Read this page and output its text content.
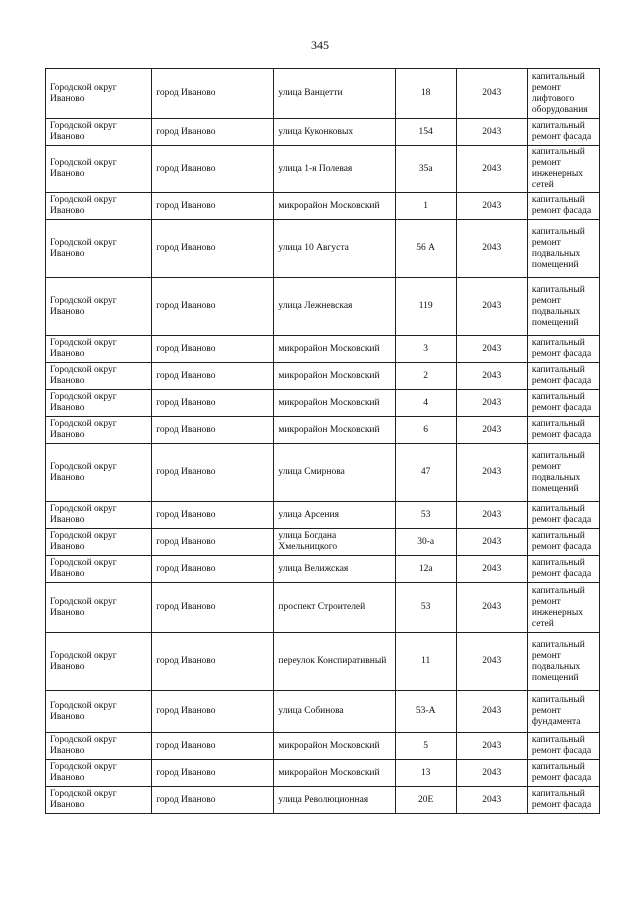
345
Городской округ Иваново	город Иваново	улица Ванцетти	18	2043	капитальный ремонт лифтового оборудования
Городской округ Иваново	город Иваново	улица Куконковых	154	2043	капитальный ремонт фасада
Городской округ Иваново	город Иваново	улица 1-я Полевая	35а	2043	капитальный ремонт инженерных сетей
Городской округ Иваново	город Иваново	микрорайон Московский	1	2043	капитальный ремонт фасада
Городской округ Иваново	город Иваново	улица 10 Августа	56 А	2043	капитальный ремонт подвальных помещений
Городской округ Иваново	город Иваново	улица Лежневская	119	2043	капитальный ремонт подвальных помещений
Городской округ Иваново	город Иваново	микрорайон Московский	3	2043	капитальный ремонт фасада
Городской округ Иваново	город Иваново	микрорайон Московский	2	2043	капитальный ремонт фасада
Городской округ Иваново	город Иваново	микрорайон Московский	4	2043	капитальный ремонт фасада
Городской округ Иваново	город Иваново	микрорайон Московский	6	2043	капитальный ремонт фасада
Городской округ Иваново	город Иваново	улица Смирнова	47	2043	капитальный ремонт подвальных помещений
Городской округ Иваново	город Иваново	улица Арсения	53	2043	капитальный ремонт фасада
Городской округ Иваново	город Иваново	улица Богдана Хмельницкого	30-а	2043	капитальный ремонт фасада
Городской округ Иваново	город Иваново	улица Велижская	12а	2043	капитальный ремонт фасада
Городской округ Иваново	город Иваново	проспект Строителей	53	2043	капитальный ремонт инженерных сетей
Городской округ Иваново	город Иваново	переулок Конспиративный	11	2043	капитальный ремонт подвальных помещений
Городской округ Иваново	город Иваново	улица Собинова	53-А	2043	капитальный ремонт фундамента
Городской округ Иваново	город Иваново	микрорайон Московский	5	2043	капитальный ремонт фасада
Городской округ Иваново	город Иваново	микрорайон Московский	13	2043	капитальный ремонт фасада
Городской округ Иваново	город Иваново	улица Революционная	20Е	2043	капитальный ремонт фасада
